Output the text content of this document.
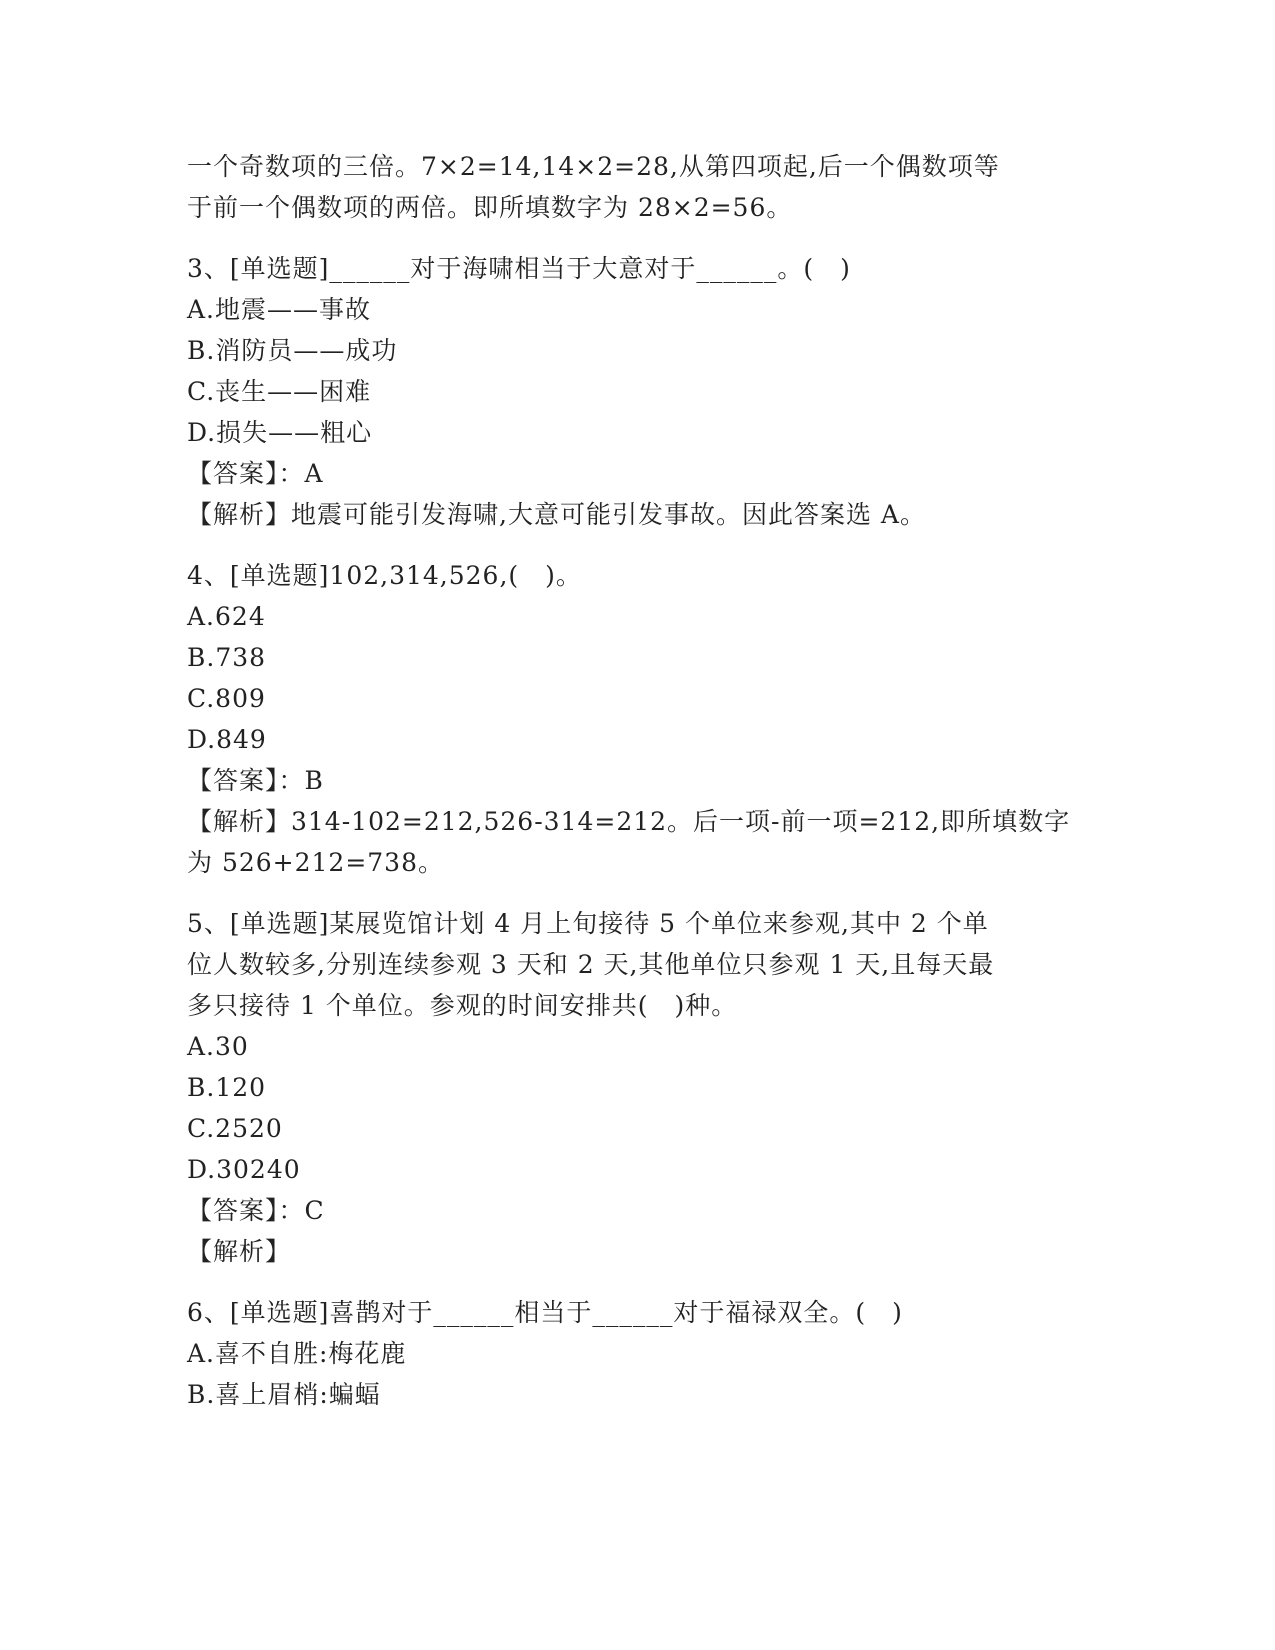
一个奇数项的三倍。7×2=14,14×2=28,从第四项起,后一个偶数项等
于前一个偶数项的两倍。即所填数字为 28×2=56。
3、[单选题]______对于海啸相当于大意对于______。(　)
A.地震——事故
B.消防员——成功
C.丧生——困难
D.损失——粗心
【答案】：A
【解析】地震可能引发海啸,大意可能引发事故。因此答案选 A。
4、[单选题]102,314,526,(　)。
A.624
B.738
C.809
D.849
【答案】：B
【解析】314-102=212,526-314=212。后一项-前一项=212,即所填数字
为 526+212=738。
5、[单选题]某展览馆计划 4 月上旬接待 5 个单位来参观,其中 2 个单
位人数较多,分别连续参观 3 天和 2 天,其他单位只参观 1 天,且每天最
多只接待 1 个单位。参观的时间安排共(　)种。
A.30
B.120
C.2520
D.30240
【答案】：C
【解析】
6、[单选题]喜鹊对于______相当于______对于福禄双全。(　)
A.喜不自胜:梅花鹿
B.喜上眉梢:蝙蝠
